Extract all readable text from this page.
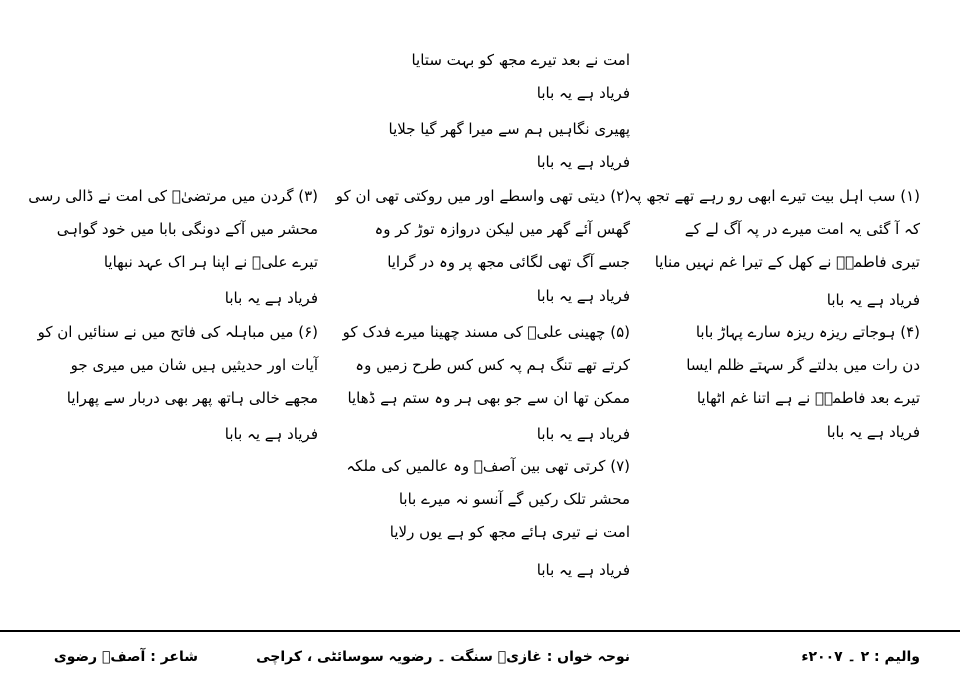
امت نے بعد تیرے مجھ کو بہت ستایا
فریاد ہے یہ بابا
پھیری نگاہیں ہم سے میرا گھر گیا جلایا
فریاد ہے یہ بابا
(۱) سب اہل بیت تیرے ابھی رو رہے تھے تجھ پہ
کہ آ گئی یہ امت میرے در پہ آگ لے کے
تیری فاطمہؑ نے کھل کے تیرا غم نہیں منایا
فریاد ہے یہ بابا
(۴) ہوجاتے ریزہ ریزہ سارے پہاڑ بابا
دن رات میں بدلتے گر سہتے ظلم ایسا
تیرے بعد فاطمہؑ نے ہے اتنا غم اٹھایا
فریاد ہے یہ بابا
(۲) دیتی تھی واسطے اور میں روکتی تھی ان کو
گھس آئے گھر میں لیکن دروازہ توڑ کر وہ
جسے آگ تھی لگائی مجھ پر وہ در گرایا
فریاد ہے یہ بابا
(۵) چھینی علیؑ کی مسند چھینا میرے فدک کو
کرتے تھے تنگ ہم پہ کس کس طرح زمیں وہ
ممکن تھا ان سے جو بھی ہر وہ ستم ہے ڈھایا
فریاد ہے یہ بابا
(۷) کرتی تھی بین آصفؔ وہ عالمیں کی ملکہ
محشر تلک رکیں گے آنسو نہ میرے بابا
امت نے تیری ہائے مجھ کو ہے یوں رلایا
فریاد ہے یہ بابا
(۳) گردن میں مرتضیٰؑ کی امت نے ڈالی رسی
محشر میں آکے دونگی بابا میں خود گواہی
تیرے علیؑ نے اپنا ہر اک عہد نبھایا
فریاد ہے یہ بابا
(۶) میں مباہلہ کی فاتح میں نے سنائیں ان کو
آیات اور حدیثیں ہیں شان میں میری جو
مجھے خالی ہاتھ پھر بھی دربار سے پھرایا
فریاد ہے یہ بابا
والیم : ۲ ۔ ۲۰۰۷ء
نوحہ خواں : غازیؑ سنگت ۔ رضویہ سوسائٹی ، کراچی
شاعر : آصفؔ رضوی
